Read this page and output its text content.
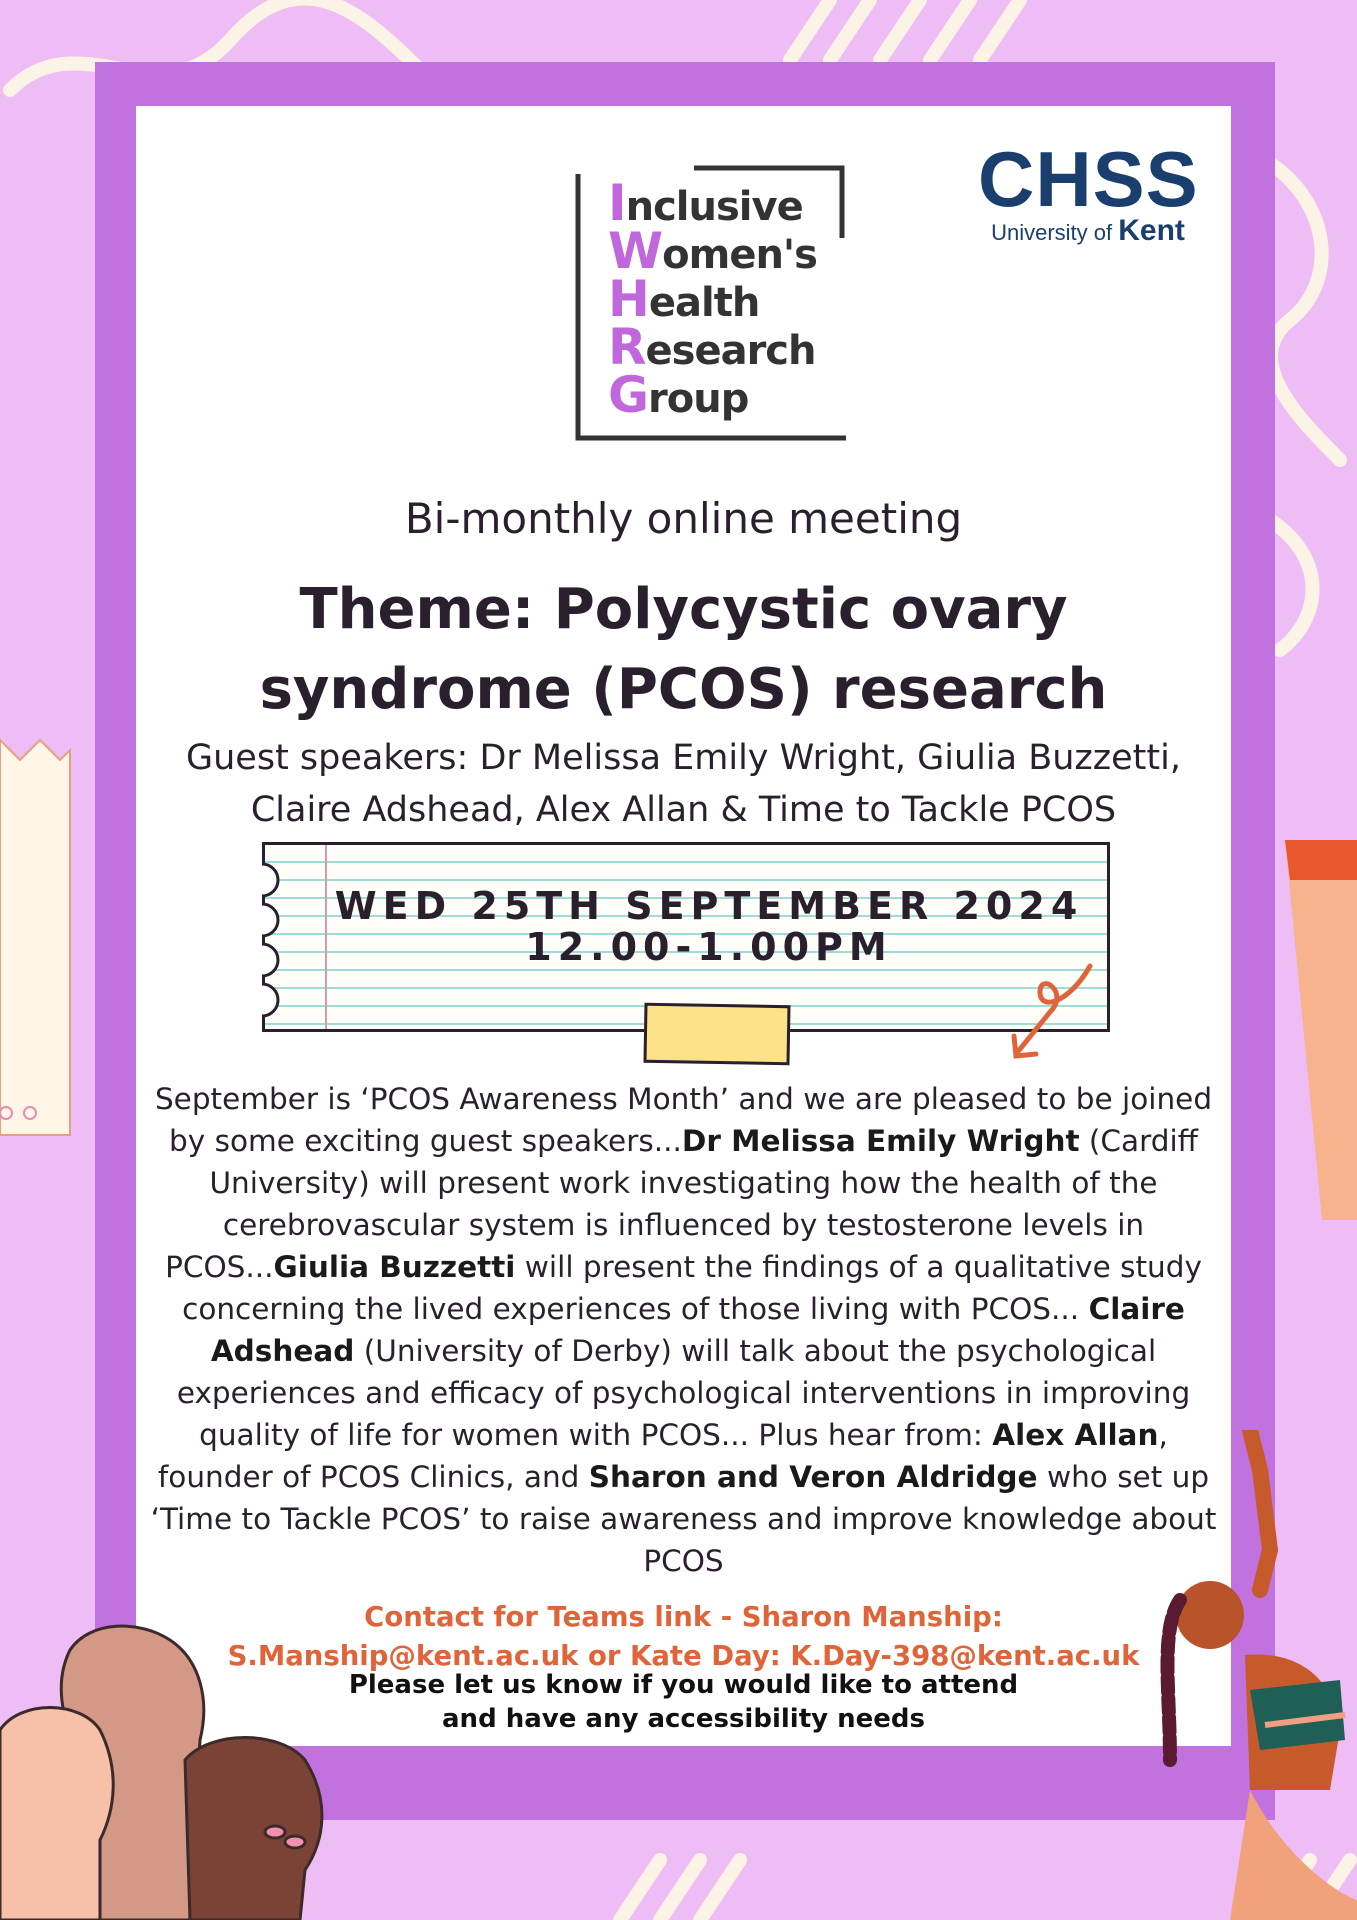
Inclusive
Women's
Health
Research
Group
CHSS
University of Kent
Bi-monthly online meeting
Theme: Polycystic ovary
syndrome (PCOS) research
Guest speakers: Dr Melissa Emily Wright, Giulia Buzzetti,
Claire Adshead, Alex Allan & Time to Tackle PCOS
WED 25TH SEPTEMBER 2024
12.00-1.00PM
September is ‘PCOS Awareness Month’ and we are pleased to be joined by some exciting guest speakers...Dr Melissa Emily Wright (Cardiff University) will present work investigating how the health of the cerebrovascular system is influenced by testosterone levels in PCOS...Giulia Buzzetti will present the findings of a qualitative study concerning the lived experiences of those living with PCOS... Claire Adshead (University of Derby) will talk about the psychological experiences and efficacy of psychological interventions in improving quality of life for women with PCOS... Plus hear from: Alex Allan, founder of PCOS Clinics, and Sharon and Veron Aldridge who set up ‘Time to Tackle PCOS’ to raise awareness and improve knowledge about PCOS
Contact for Teams link - Sharon Manship:
S.Manship@kent.ac.uk or Kate Day: K.Day-398@kent.ac.uk
Please let us know if you would like to attend
and have any accessibility needs
